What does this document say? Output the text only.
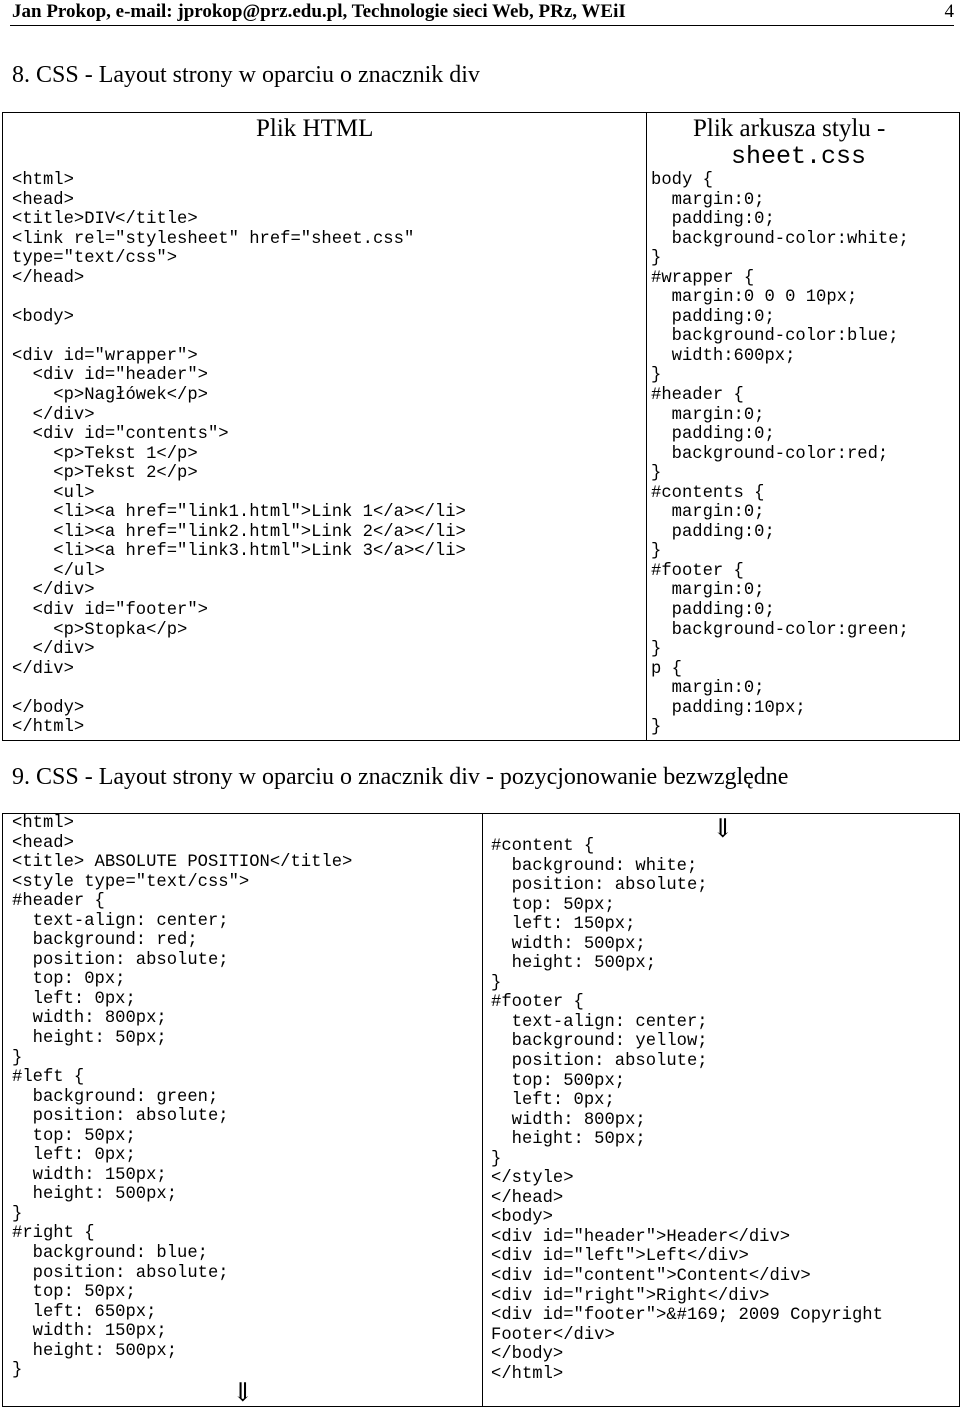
Jan Prokop, e-mail: jprokop@prz.edu.pl, Technologie sieci Web, PRz, WEiI	4
8. CSS - Layout strony w oparciu o znacznik div
Plik HTML	Plik arkusza stylu -
sheet.css
<html>
<head>
<title>DIV</title>
<link rel="stylesheet" href="sheet.css"
type="text/css">
</head>

<body>

<div id="wrapper">
<div id="header">
<p>Nagłówek</p>
</div>
<div id="contents">
<p>Tekst 1</p>
<p>Tekst 2</p>
<ul>
<li><a href="link1.html">Link 1</a></li>
<li><a href="link2.html">Link 2</a></li>
<li><a href="link3.html">Link 3</a></li>
</ul>
</div>
<div id="footer">
<p>Stopka</p>
</div>
</div>

</body>
</html>
body {
margin:0;
padding:0;
background-color:white;
}
#wrapper {
margin:0 0 0 10px;
padding:0;
background-color:blue;
width:600px;
}
#header {
margin:0;
padding:0;
background-color:red;
}
#contents {
margin:0;
padding:0;
}
#footer {
margin:0;
padding:0;
background-color:green;
}
p {
margin:0;
padding:10px;
}
9. CSS - Layout strony w oparciu o znacznik div - pozycjonowanie bezwzględne
<html>
<head>
<title> ABSOLUTE POSITION</title>
<style type="text/css">
#header {
text-align: center;
background: red;
position: absolute;
top: 0px;
left: 0px;
width: 800px;
height: 50px;
}
#left {
background: green;
position: absolute;
top: 50px;
left: 0px;
width: 150px;
height: 500px;
}
#right {
background: blue;
position: absolute;
top: 50px;
left: 650px;
width: 150px;
height: 500px;
}
#content {
background: white;
position: absolute;
top: 50px;
left: 150px;
width: 500px;
height: 500px;
}
#footer {
text-align: center;
background: yellow;
position: absolute;
top: 500px;
left: 0px;
width: 800px;
height: 50px;
}
</style>
</head>
<body>
<div id="header">Header</div>
<div id="left">Left</div>
<div id="content">Content</div>
<div id="right">Right</div>
<div id="footer">&#169; 2009 Copyright
Footer</div>
</body>
</html>
⇓
⇓
